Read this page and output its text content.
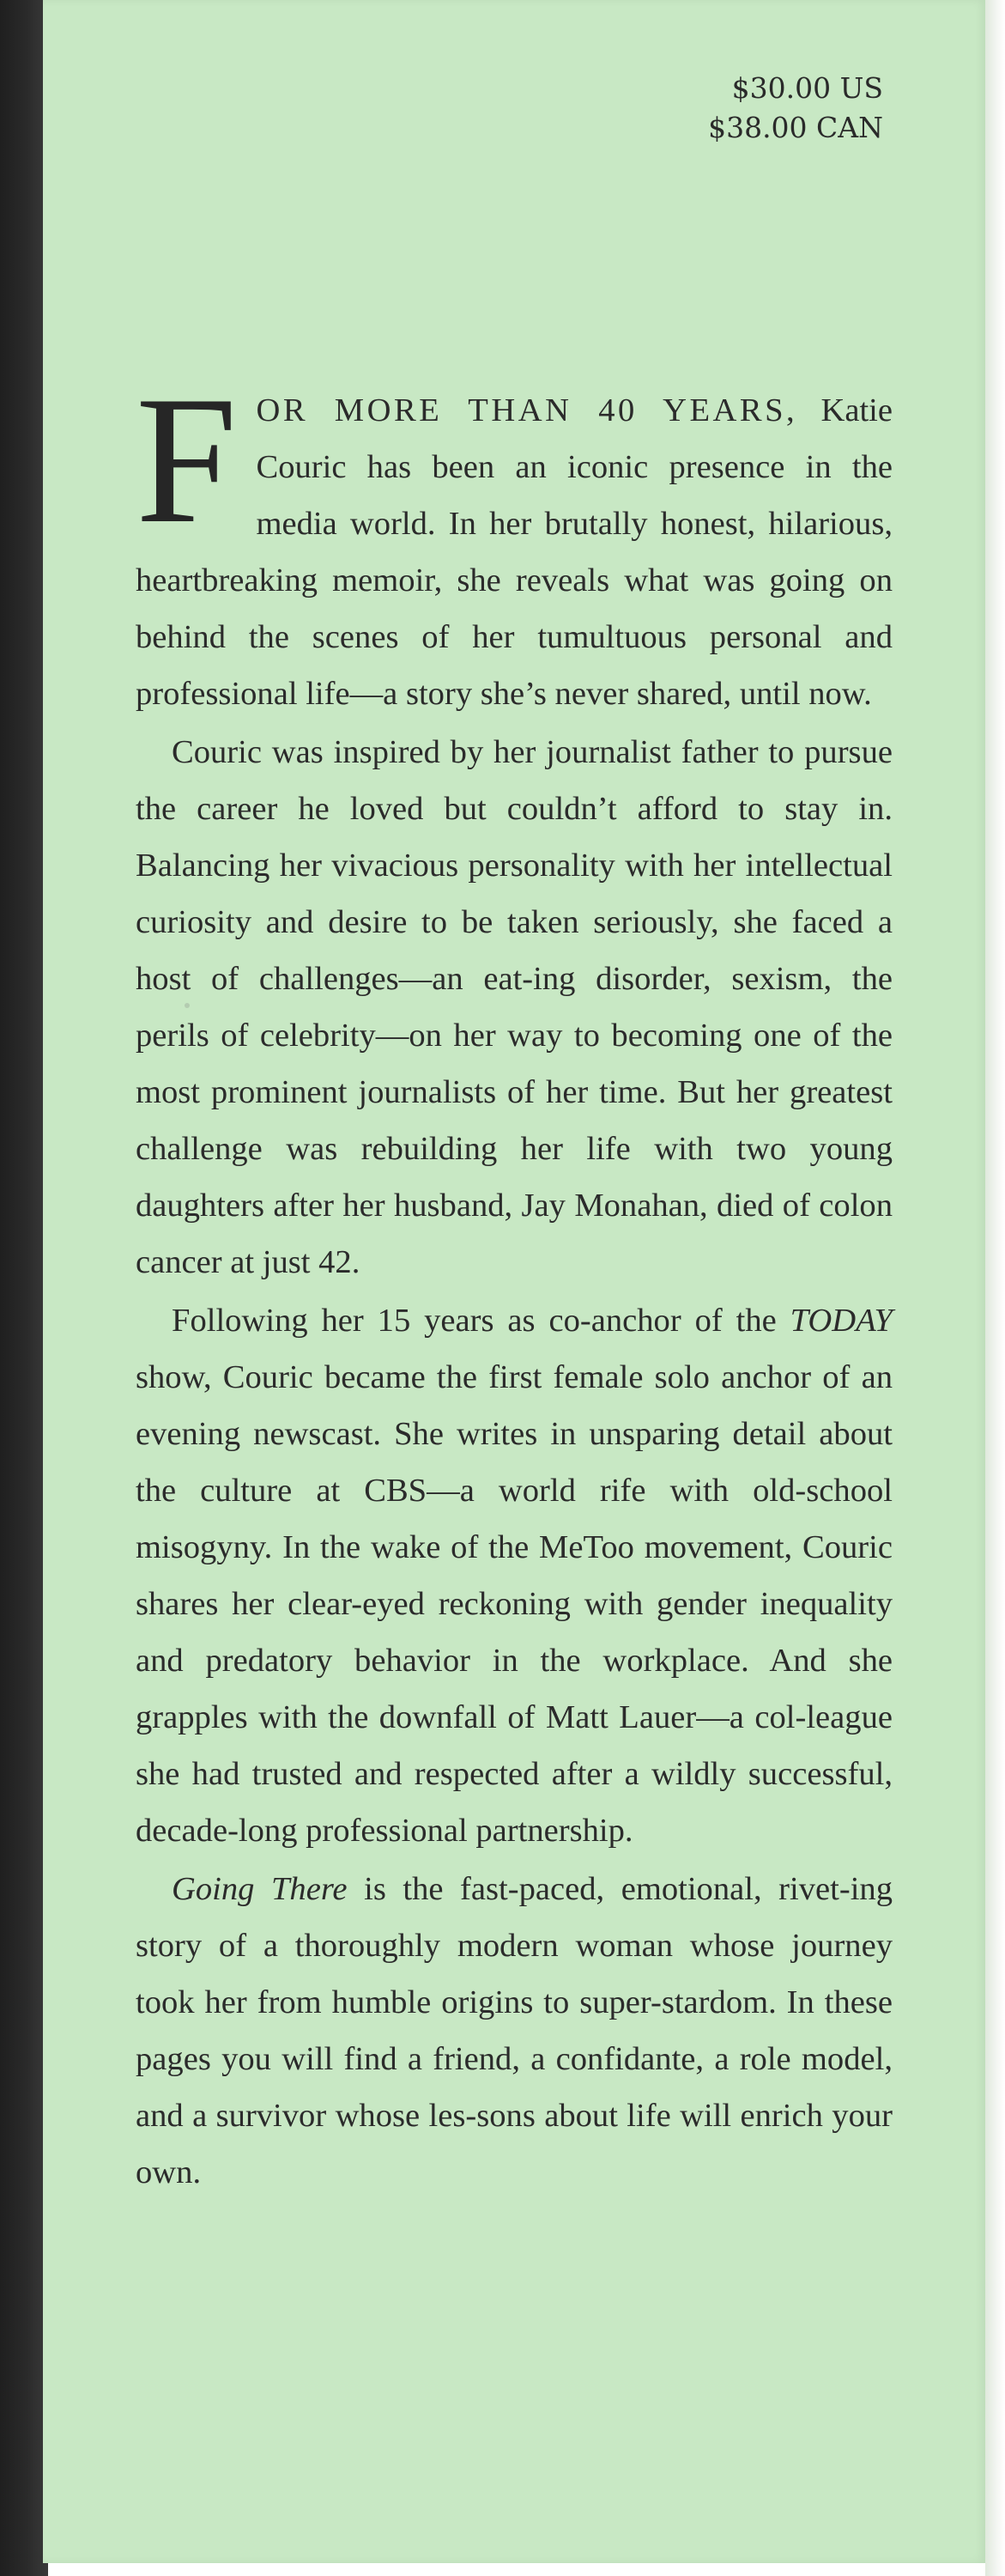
$30.00 US
$38.00 CAN

FOR MORE THAN 40 YEARS, Katie Couric has been an iconic presence in the media world. In her brutally honest, hilarious, heartbreaking memoir, she reveals what was going on behind the scenes of her tumultuous personal and professional life—a story she’s never shared, until now.

Couric was inspired by her journalist father to pursue the career he loved but couldn’t afford to stay in. Balancing her vivacious personality with her intellectual curiosity and desire to be taken seriously, she faced a host of challenges—an eat-ing disorder, sexism, the perils of celebrity—on her way to becoming one of the most prominent journalists of her time. But her greatest challenge was rebuilding her life with two young daughters after her husband, Jay Monahan, died of colon cancer at just 42.

Following her 15 years as co-anchor of the TODAY show, Couric became the first female solo anchor of an evening newscast. She writes in unsparing detail about the culture at CBS—a world rife with old-school misogyny. In the wake of the MeToo movement, Couric shares her clear-eyed reckoning with gender inequality and predatory behavior in the workplace. And she grapples with the downfall of Matt Lauer—a col-league she had trusted and respected after a wildly successful, decade-long professional partnership.

Going There is the fast-paced, emotional, rivet-ing story of a thoroughly modern woman whose journey took her from humble origins to super-stardom. In these pages you will find a friend, a confidante, a role model, and a survivor whose les-sons about life will enrich your own.
